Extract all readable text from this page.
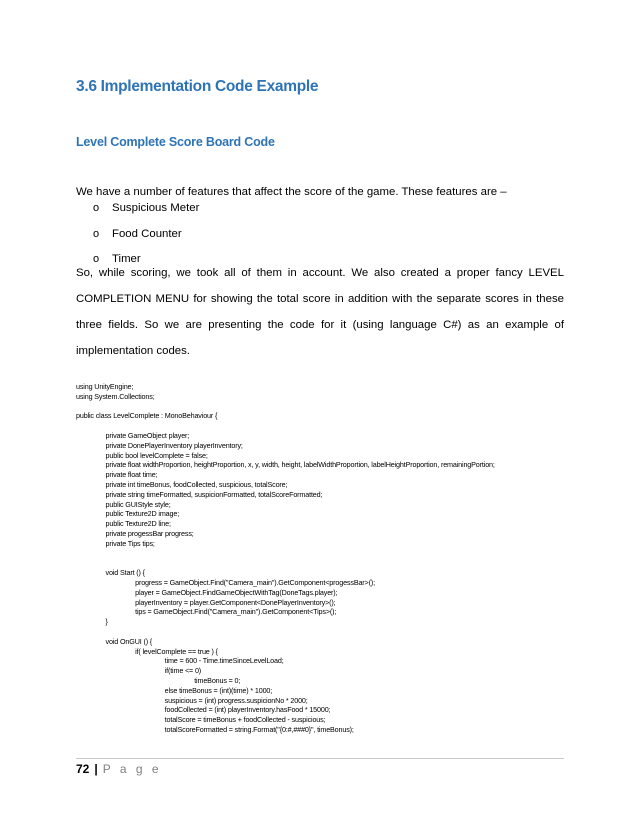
3.6 Implementation Code Example
Level Complete Score Board Code
We have a number of features that affect the score of the game. These features are –
o Suspicious Meter
o Food Counter
o Timer
So, while scoring, we took all of them in account. We also created a proper fancy LEVEL COMPLETION MENU for showing the total score in addition with the separate scores in these three fields. So we are presenting the code for it (using language C#) as an example of implementation codes.
using UnityEngine;
using System.Collections;

public class LevelComplete : MonoBehaviour {

private GameObject player;
private DonePlayerInventory playerInventory;
public bool levelComplete = false;
private float widthProportion, heightProportion, x, y, width, height, labelWidthProportion, labelHeightProportion, remainingPortion;
private float time;
private int timeBonus, foodCollected, suspicious, totalScore;
private string timeFormatted, suspicionFormatted, totalScoreFormatted;
public GUIStyle style;
public Texture2D image;
public Texture2D line;
private progessBar progress;
private Tips tips;

void Start () {
progress = GameObject.Find("Camera_main").GetComponent<progessBar>();
player = GameObject.FindGameObjectWithTag(DoneTags.player);
playerInventory = player.GetComponent<DonePlayerInventory>();
tips = GameObject.Find("Camera_main").GetComponent<Tips>();
}

void OnGUI () {
if( levelComplete == true ) {
time = 600 - Time.timeSinceLevelLoad;
if(time <= 0)
timeBonus = 0;
else timeBonus = (int)(time) * 1000;
suspicious = (int) progress.suspicionNo * 2000;
foodCollected = (int) playerInventory.hasFood * 15000;
totalScore = timeBonus + foodCollected - suspicious;
totalScoreFormatted = string.Format("{0:#,###0}", timeBonus);
72 | P a g e
